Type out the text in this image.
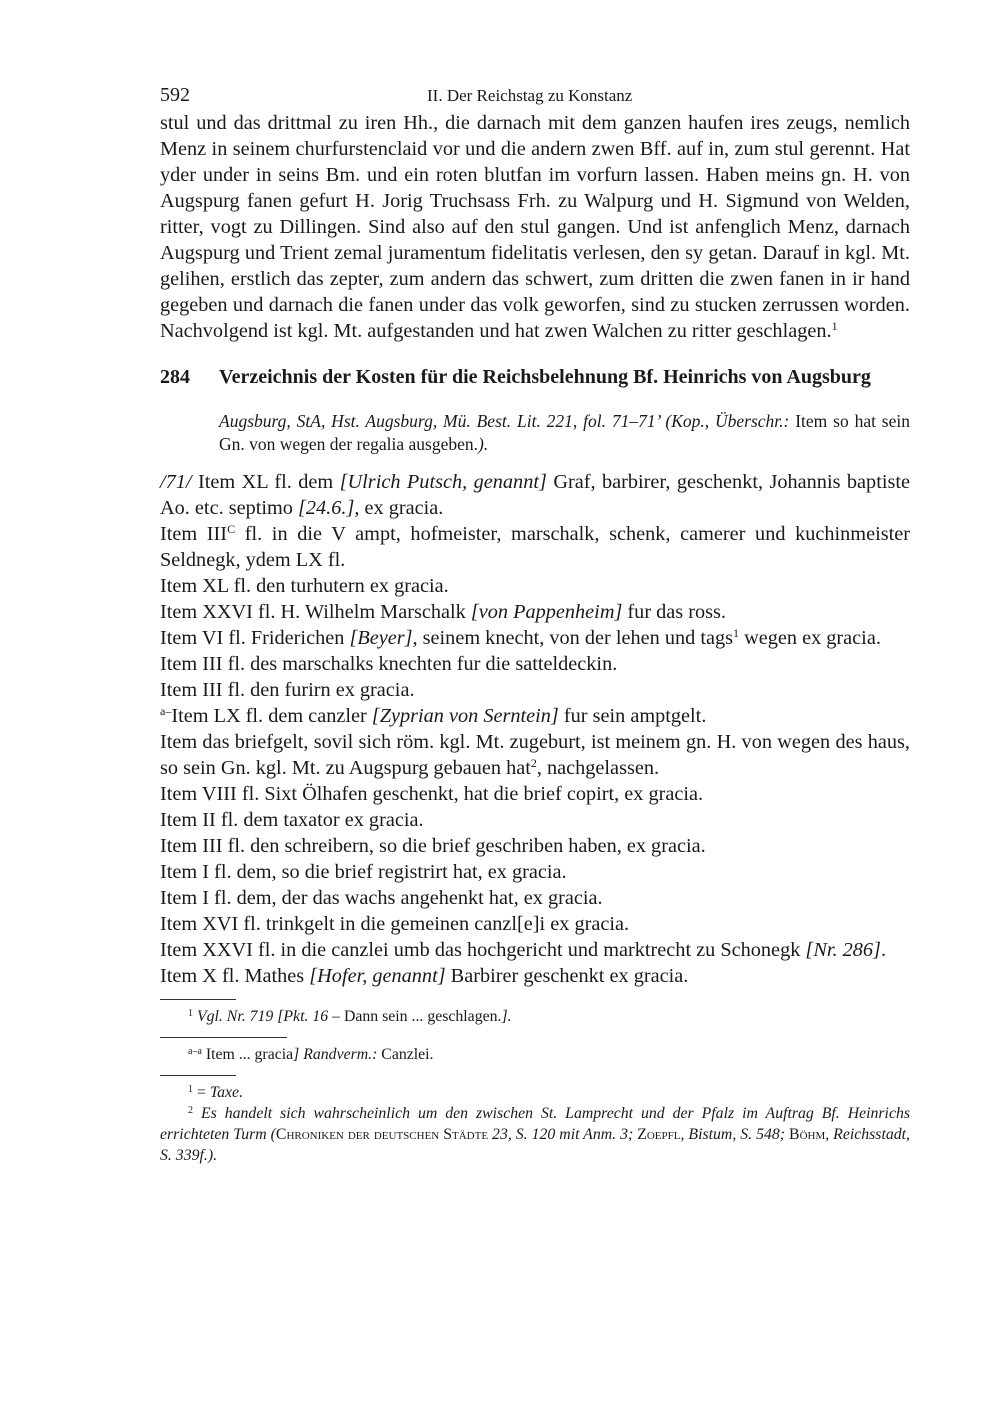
592	II. Der Reichstag zu Konstanz

stul und das drittmal zu iren Hh., die darnach mit dem ganzen haufen ires zeugs, nemlich Menz in seinem churfurstenclaid vor und die andern zwen Bff. auf in, zum stul gerennt. Hat yder under in seins Bm. und ein roten blutfan im vorfurn lassen. Haben meins gn. H. von Augspurg fanen gefurt H. Jorig Truchsass Frh. zu Walpurg und H. Sigmund von Welden, ritter, vogt zu Dillingen. Sind also auf den stul gangen. Und ist anfenglich Menz, darnach Augspurg und Trient zemal juramentum fidelitatis verlesen, den sy getan. Darauf in kgl. Mt. gelihen, erstlich das zepter, zum andern das schwert, zum dritten die zwen fanen in ir hand gegeben und darnach die fanen under das volk geworfen, sind zu stucken zerrussen worden. Nachvolgend ist kgl. Mt. aufgestanden und hat zwen Walchen zu ritter geschlagen.$^1$

284	Verzeichnis der Kosten für die Reichsbelehnung Bf. Heinrichs von Augsburg

Augsburg, StA, Hst. Augsburg, Mü. Best. Lit. 221, fol. 71–71’ (Kop., Überschr.: Item so hat sein Gn. von wegen der regalia ausgeben.).

/71/ Item XL fl. dem [Ulrich Putsch, genannt] Graf, barbirer, geschenkt, Johannis baptiste Ao. etc. septimo [24.6.], ex gracia.

Item $III^C$ fl. in die V ampt, hofmeister, marschalk, schenk, camerer und kuchinmeister Seldnegk, ydem LX fl.

Item XL fl. den turhutern ex gracia.

Item XXVI fl. H. Wilhelm Marschalk [von Pappenheim] fur das ross.

Item VI fl. Friderichen [Beyer], seinem knecht, von der lehen und tags$^1$ wegen ex gracia.

Item III fl. des marschalks knechten fur die satteldeckin.

Item III fl. den furirn ex gracia.

$^{a-}$Item LX fl. dem canzler [Zyprian von Serntein] fur sein amptgelt.

Item das briefgelt, sovil sich röm. kgl. Mt. zugeburt, ist meinem gn. H. von wegen des haus, so sein Gn. kgl. Mt. zu Augspurg gebauen hat$^2$, nachgelassen.

Item VIII fl. Sixt Ölhafen geschenkt, hat die brief copirt, ex gracia.

Item II fl. dem taxator ex gracia.

Item III fl. den schreibern, so die brief geschriben haben, ex gracia.

Item I fl. dem, so die brief registrirt hat, ex gracia.

Item I fl. dem, der das wachs angehenkt hat, ex gracia.

Item XVI fl. trinkgelt in die gemeinen canzl[e]i ex gracia.

Item XXVI fl. in die canzlei umb das hochgericht und marktrecht zu Schonegk [Nr. 286].

Item X fl. Mathes [Hofer, genannt] Barbirer geschenkt ex gracia.

$^1$ Vgl. Nr. 719 [Pkt. 16 – Dann sein ... geschlagen.].

$^{a-a}$ Item ... gracia] Randverm.: Canzlei.

$^1$ = Taxe.

$^2$ Es handelt sich wahrscheinlich um den zwischen St. Lamprecht und der Pfalz im Auftrag Bf. Heinrichs errichteten Turm (Chroniken der deutschen Städte 23, S. 120 mit Anm. 3; Zoepfl, Bistum, S. 548; Böhm, Reichsstadt, S. 339f.).
